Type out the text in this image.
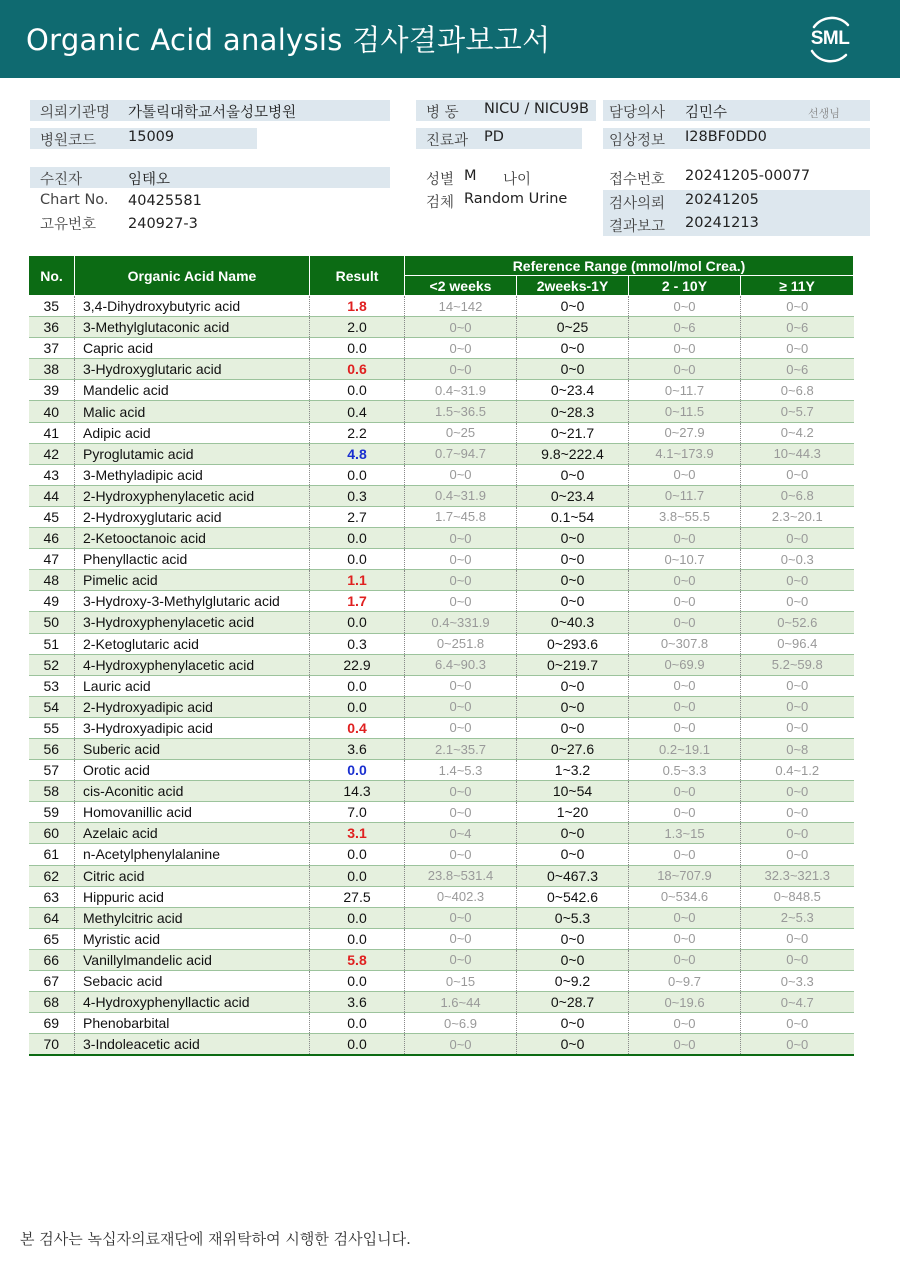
Organic Acid analysis 검사결과보고서	SML
의뢰기관명 가톨릭대학교서울성모병원
병원코드 15009
병 동 NICU / NICU9B
진료과 PD
담당의사 김민수	선생님
임상정보 I28BF0DD0
수진자	임태오
Chart No. 40425581
고유번호 240927-3
성별 M 나이
검체 Random Urine
접수번호 20241205-00077
검사의뢰 20241205
결과보고 20241213
No.	Organic Acid Name	Result	Reference Range (mmol/mol Crea.)			
			<2 weeks	2weeks-1Y	2 - 10Y	≥ 11Y
35	3,4-Dihydroxybutyric acid	1.8	14~142	0~0	0~0	0~0
36	3-Methylglutaconic acid	2.0	0~0	0~25	0~6	0~6
37	Capric acid	0.0	0~0	0~0	0~0	0~0
38	3-Hydroxyglutaric acid	0.6	0~0	0~0	0~0	0~6
39	Mandelic acid	0.0	0.4~31.9	0~23.4	0~11.7	0~6.8
40	Malic acid	0.4	1.5~36.5	0~28.3	0~11.5	0~5.7
41	Adipic acid	2.2	0~25	0~21.7	0~27.9	0~4.2
42	Pyroglutamic acid	4.8	0.7~94.7	9.8~222.4	4.1~173.9	10~44.3
43	3-Methyladipic acid	0.0	0~0	0~0	0~0	0~0
44	2-Hydroxyphenylacetic acid	0.3	0.4~31.9	0~23.4	0~11.7	0~6.8
45	2-Hydroxyglutaric acid	2.7	1.7~45.8	0.1~54	3.8~55.5	2.3~20.1
46	2-Ketooctanoic acid	0.0	0~0	0~0	0~0	0~0
47	Phenyllactic acid	0.0	0~0	0~0	0~10.7	0~0.3
48	Pimelic acid	1.1	0~0	0~0	0~0	0~0
49	3-Hydroxy-3-Methylglutaric acid	1.7	0~0	0~0	0~0	0~0
50	3-Hydroxyphenylacetic acid	0.0	0.4~331.9	0~40.3	0~0	0~52.6
51	2-Ketoglutaric acid	0.3	0~251.8	0~293.6	0~307.8	0~96.4
52	4-Hydroxyphenylacetic acid	22.9	6.4~90.3	0~219.7	0~69.9	5.2~59.8
53	Lauric acid	0.0	0~0	0~0	0~0	0~0
54	2-Hydroxyadipic acid	0.0	0~0	0~0	0~0	0~0
55	3-Hydroxyadipic acid	0.4	0~0	0~0	0~0	0~0
56	Suberic acid	3.6	2.1~35.7	0~27.6	0.2~19.1	0~8
57	Orotic acid	0.0	1.4~5.3	1~3.2	0.5~3.3	0.4~1.2
58	cis-Aconitic acid	14.3	0~0	10~54	0~0	0~0
59	Homovanillic acid	7.0	0~0	1~20	0~0	0~0
60	Azelaic acid	3.1	0~4	0~0	1.3~15	0~0
61	n-Acetylphenylalanine	0.0	0~0	0~0	0~0	0~0
62	Citric acid	0.0	23.8~531.4	0~467.3	18~707.9	32.3~321.3
63	Hippuric acid	27.5	0~402.3	0~542.6	0~534.6	0~848.5
64	Methylcitric acid	0.0	0~0	0~5.3	0~0	2~5.3
65	Myristic acid	0.0	0~0	0~0	0~0	0~0
66	Vanillylmandelic acid	5.8	0~0	0~0	0~0	0~0
67	Sebacic acid	0.0	0~15	0~9.2	0~9.7	0~3.3
68	4-Hydroxyphenyllactic acid	3.6	1.6~44	0~28.7	0~19.6	0~4.7
69	Phenobarbital	0.0	0~6.9	0~0	0~0	0~0
70	3-Indoleacetic acid	0.0	0~0	0~0	0~0	0~0
본 검사는 녹십자의료재단에 재위탁하여 시행한 검사입니다.
